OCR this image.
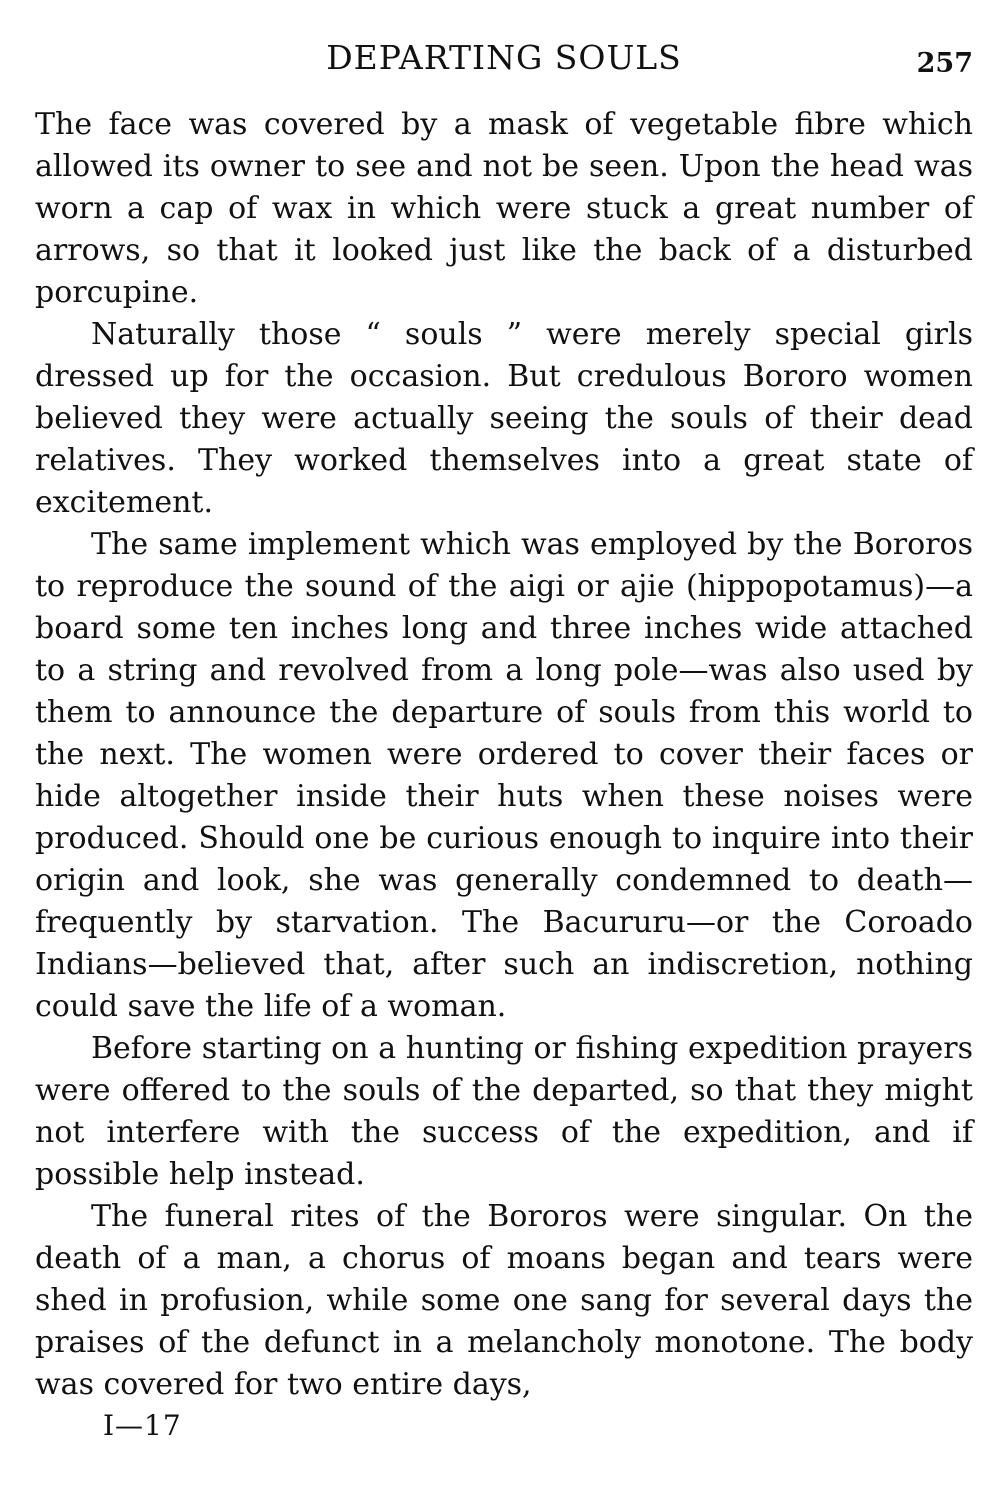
DEPARTING SOULS	257

The face was covered by a mask of vegetable fibre which allowed its owner to see and not be seen. Upon the head was worn a cap of wax in which were stuck a great number of arrows, so that it looked just like the back of a disturbed porcupine.

Naturally those “ souls ” were merely special girls dressed up for the occasion. But credulous Bororo women believed they were actually seeing the souls of their dead relatives. They worked themselves into a great state of excitement.

The same implement which was employed by the Bororos to reproduce the sound of the aigi or ajie (hippopotamus)—a board some ten inches long and three inches wide attached to a string and revolved from a long pole—was also used by them to announce the departure of souls from this world to the next. The women were ordered to cover their faces or hide altogether inside their huts when these noises were produced. Should one be curious enough to inquire into their origin and look, she was generally condemned to death—frequently by starvation. The Bacururu—or the Coroado Indians—believed that, after such an indiscretion, nothing could save the life of a woman.

Before starting on a hunting or fishing expedition prayers were offered to the souls of the departed, so that they might not interfere with the success of the expedition, and if possible help instead.

The funeral rites of the Bororos were singular. On the death of a man, a chorus of moans began and tears were shed in profusion, while some one sang for several days the praises of the defunct in a melancholy monotone. The body was covered for two entire days,

I—17
